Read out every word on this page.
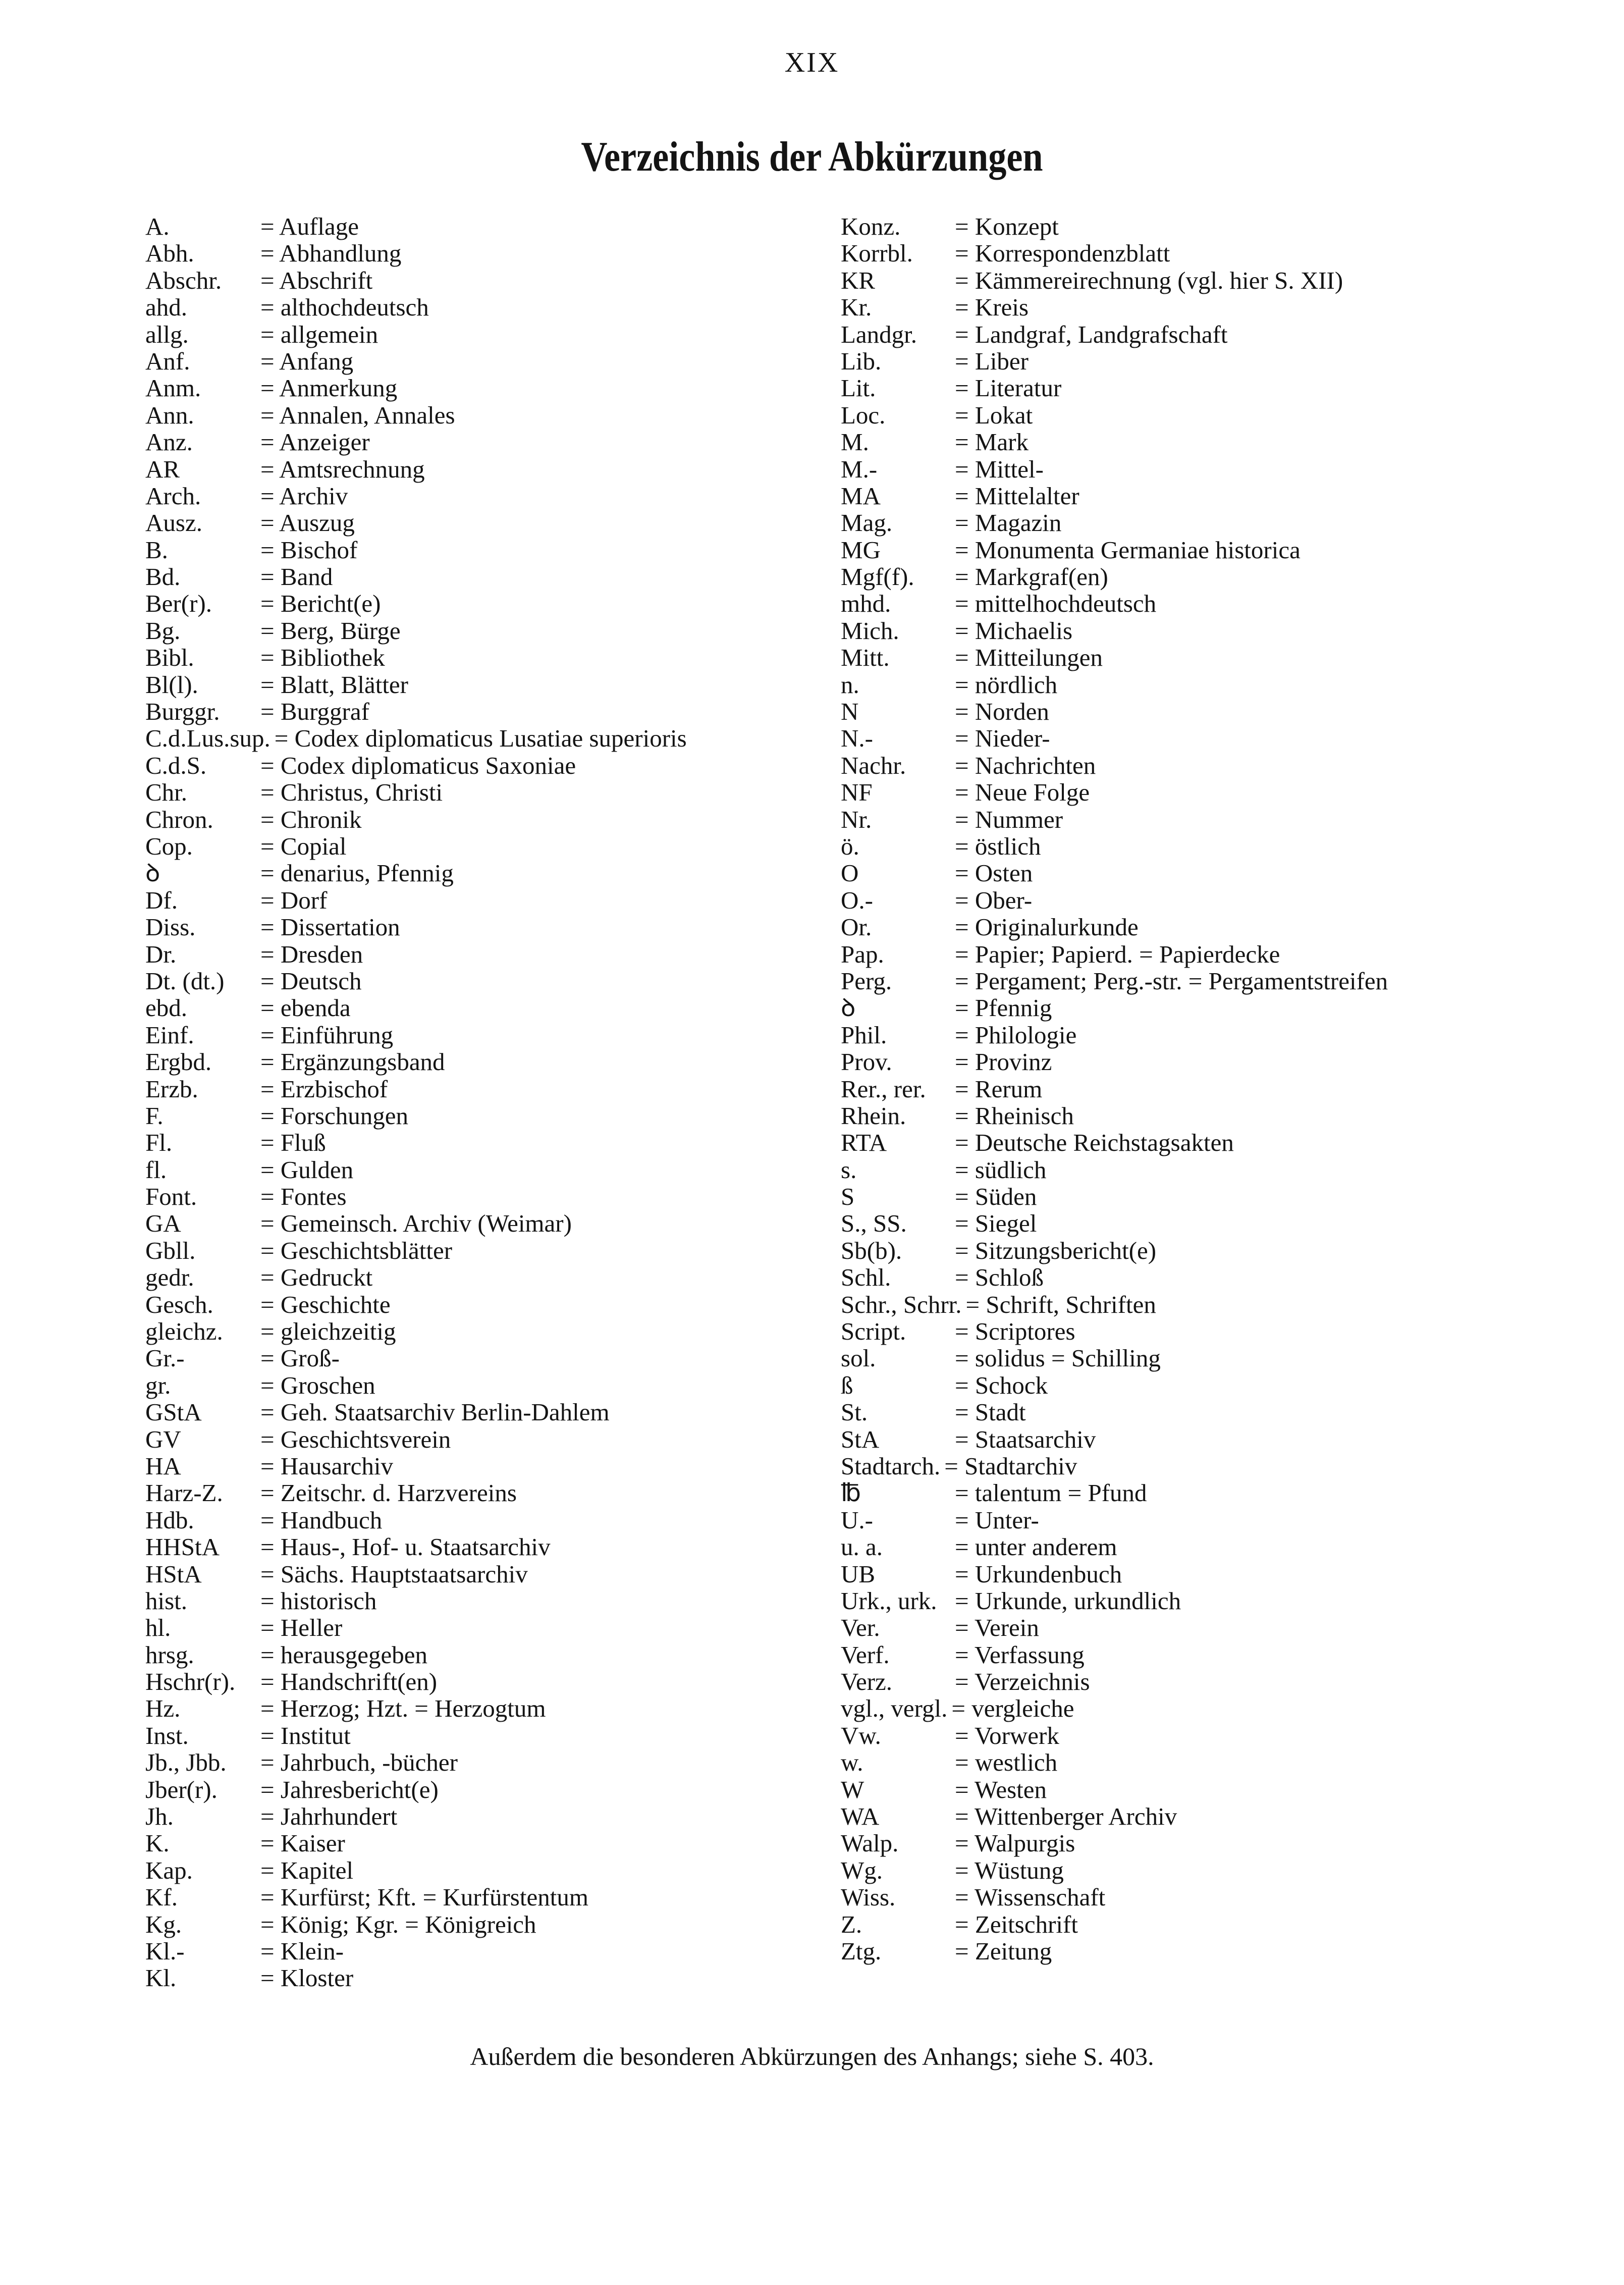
XIX
Verzeichnis der Abkürzungen
A.	= Auflage
Abh.	= Abhandlung
Abschr. = Abschrift
ahd.	= althochdeutsch
allg.	= allgemein
Anf.	= Anfang
Anm. = Anmerkung
Ann.	= Annalen, Annales
Anz.	= Anzeiger
AR	= Amtsrechnung
Arch. = Archiv
Ausz. = Auszug
B.	= Bischof
Bd.	= Band
Ber(r). = Bericht(e)
Bg.	= Berg, Bürge
Bibl.	= Bibliothek
Bl(l).	= Blatt, Blätter
Burggr. = Burggraf
C.d.Lus.sup. = Codex diplomaticus Lusatiae superioris
C.d.S. = Codex diplomaticus Saxoniae
Chr.	= Christus, Christi
Chron. = Chronik
Cop.	= Copial
ꝺ	= denarius, Pfennig
Df.	= Dorf
Diss.	= Dissertation
Dr.	= Dresden
Dt. (dt.) = Deutsch
ebd.	= ebenda
Einf.	= Einführung
Ergbd. = Ergänzungsband
Erzb.	= Erzbischof
F.	= Forschungen
Fl.	= Fluß
fl.	= Gulden
Font.	= Fontes
GA	= Gemeinsch. Archiv (Weimar)
Gbll.	= Geschichtsblätter
gedr.	= Gedruckt
Gesch. = Geschichte
gleichz. = gleichzeitig
Gr.-	= Groß-
gr.	= Groschen
GStA = Geh. Staatsarchiv Berlin-Dahlem
GV	= Geschichtsverein
HA	= Hausarchiv
Harz-Z. = Zeitschr. d. Harzvereins
Hdb.	= Handbuch
HHStA = Haus-, Hof- u. Staatsarchiv
HStA = Sächs. Hauptstaatsarchiv
hist.	= historisch
hl.	= Heller
hrsg.	= herausgegeben
Hschr(r). = Handschrift(en)
Hz.	= Herzog; Hzt. = Herzogtum
Inst.	= Institut
Jb., Jbb. = Jahrbuch, -bücher
Jber(r). = Jahresbericht(e)
Jh.	= Jahrhundert
K.	= Kaiser
Kap.	= Kapitel
Kf.	= Kurfürst; Kft. = Kurfürstentum
Kg.	= König; Kgr. = Königreich
Kl.-	= Klein-
Kl.	= Kloster
Konz. = Konzept
Korrbl. = Korrespondenzblatt
KR	= Kämmereirechnung (vgl. hier S. XII)
Kr.	= Kreis
Landgr. = Landgraf, Landgrafschaft
Lib.	= Liber
Lit.	= Literatur
Loc.	= Lokat
M.	= Mark
M.-	= Mittel-
MA	= Mittelalter
Mag.	= Magazin
MG	= Monumenta Germaniae historica
Mgf(f). = Markgraf(en)
mhd.	= mittelhochdeutsch
Mich. = Michaelis
Mitt.	= Mitteilungen
n.	= nördlich
N	= Norden
N.-	= Nieder-
Nachr. = Nachrichten
NF	= Neue Folge
Nr.	= Nummer
ö.	= östlich
O	= Osten
O.-	= Ober-
Or.	= Originalurkunde
Pap.	= Papier; Papierd. = Papierdecke
Perg.	= Pergament; Perg.-str. = Pergamentstreifen
ꝺ	= Pfennig
Phil.	= Philologie
Prov.	= Provinz
Rer., rer. = Rerum
Rhein. = Rheinisch
RTA	= Deutsche Reichstagsakten
s.	= südlich
S	= Süden
S., SS. = Siegel
Sb(b). = Sitzungsbericht(e)
Schl.	= Schloß
Schr., Schrr. = Schrift, Schriften
Script. = Scriptores
sol.	= solidus = Schilling
ß	= Schock
St.	= Stadt
StA	= Staatsarchiv
Stadtarch. = Stadtarchiv
℔	= talentum = Pfund
U.-	= Unter-
u. a.	= unter anderem
UB	= Urkundenbuch
Urk., urk. = Urkunde, urkundlich
Ver.	= Verein
Verf.	= Verfassung
Verz.	= Verzeichnis
vgl., vergl. = vergleiche
Vw.	= Vorwerk
w.	= westlich
W	= Westen
WA	= Wittenberger Archiv
Walp. = Walpurgis
Wg.	= Wüstung
Wiss. = Wissenschaft
Z.	= Zeitschrift
Ztg.	= Zeitung
Außerdem die besonderen Abkürzungen des Anhangs; siehe S. 403.
